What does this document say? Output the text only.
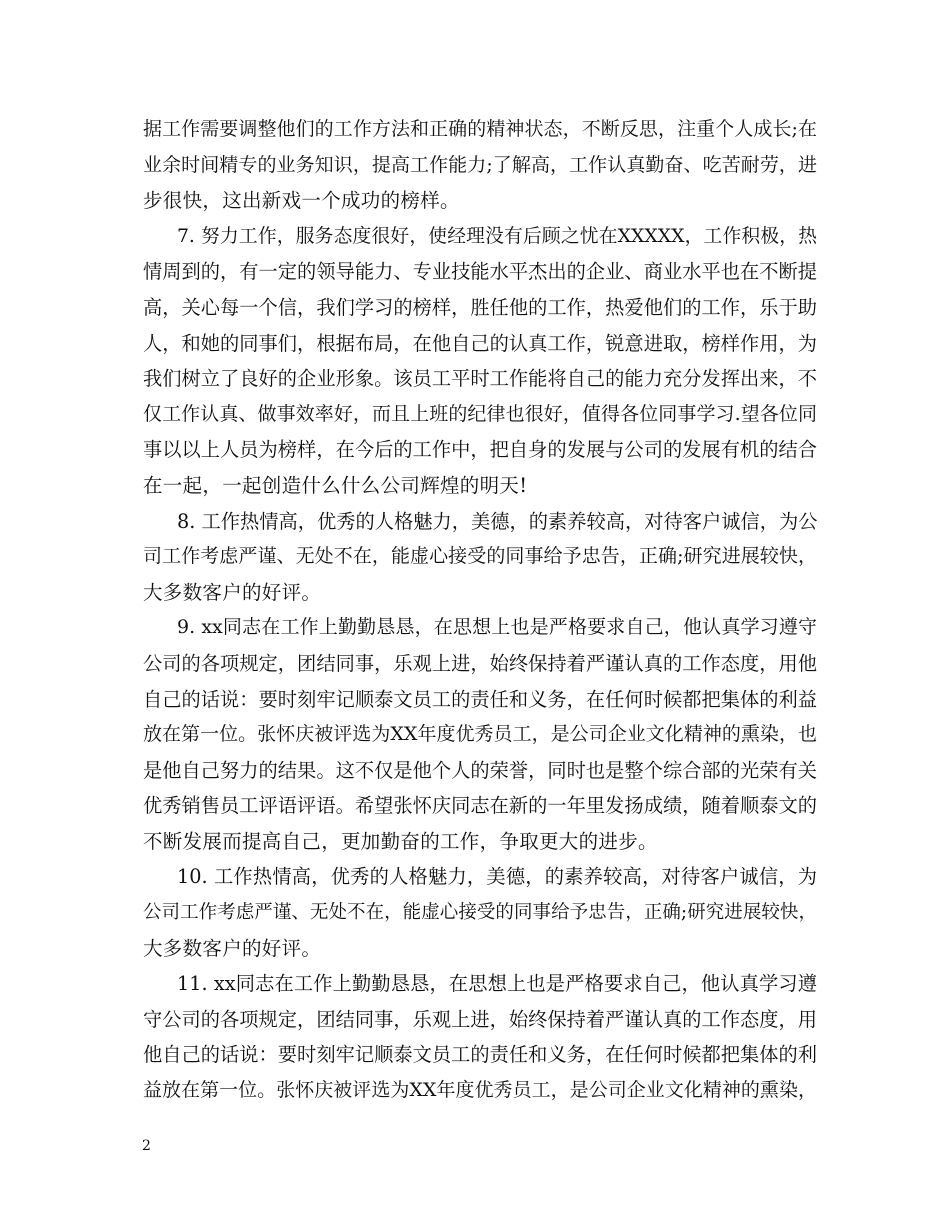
据工作需要调整他们的工作方法和正确的精神状态，不断反思，注重个人成长;在
业余时间精专的业务知识，提高工作能力;了解高，工作认真勤奋、吃苦耐劳，进
步很快，这出新戏一个成功的榜样。
7. 努力工作，服务态度很好，使经理没有后顾之忧在XXXXX，工作积极，热
情周到的，有一定的领导能力、专业技能水平杰出的企业、商业水平也在不断提
高，关心每一个信，我们学习的榜样，胜任他的工作，热爱他们的工作，乐于助
人，和她的同事们，根据布局，在他自己的认真工作，锐意进取，榜样作用，为
我们树立了良好的企业形象。该员工平时工作能将自己的能力充分发挥出来，不
仅工作认真、做事效率好，而且上班的纪律也很好，值得各位同事学习.望各位同
事以以上人员为榜样，在今后的工作中，把自身的发展与公司的发展有机的结合
在一起，一起创造什么什么公司辉煌的明天!
8. 工作热情高，优秀的人格魅力，美德，的素养较高，对待客户诚信，为公
司工作考虑严谨、无处不在，能虚心接受的同事给予忠告，正确;研究进展较快，
大多数客户的好评。
9. xx同志在工作上勤勤恳恳，在思想上也是严格要求自己，他认真学习遵守
公司的各项规定，团结同事，乐观上进，始终保持着严谨认真的工作态度，用他
自己的话说：要时刻牢记顺泰文员工的责任和义务，在任何时候都把集体的利益
放在第一位。张怀庆被评选为XX年度优秀员工，是公司企业文化精神的熏染，也
是他自己努力的结果。这不仅是他个人的荣誉，同时也是整个综合部的光荣有关
优秀销售员工评语评语。希望张怀庆同志在新的一年里发扬成绩，随着顺泰文的
不断发展而提高自己，更加勤奋的工作，争取更大的进步。
10. 工作热情高，优秀的人格魅力，美德，的素养较高，对待客户诚信，为
公司工作考虑严谨、无处不在，能虚心接受的同事给予忠告，正确;研究进展较快，
大多数客户的好评。
11. xx同志在工作上勤勤恳恳，在思想上也是严格要求自己，他认真学习遵
守公司的各项规定，团结同事，乐观上进，始终保持着严谨认真的工作态度，用
他自己的话说：要时刻牢记顺泰文员工的责任和义务，在任何时候都把集体的利
益放在第一位。张怀庆被评选为XX年度优秀员工，是公司企业文化精神的熏染，
2
